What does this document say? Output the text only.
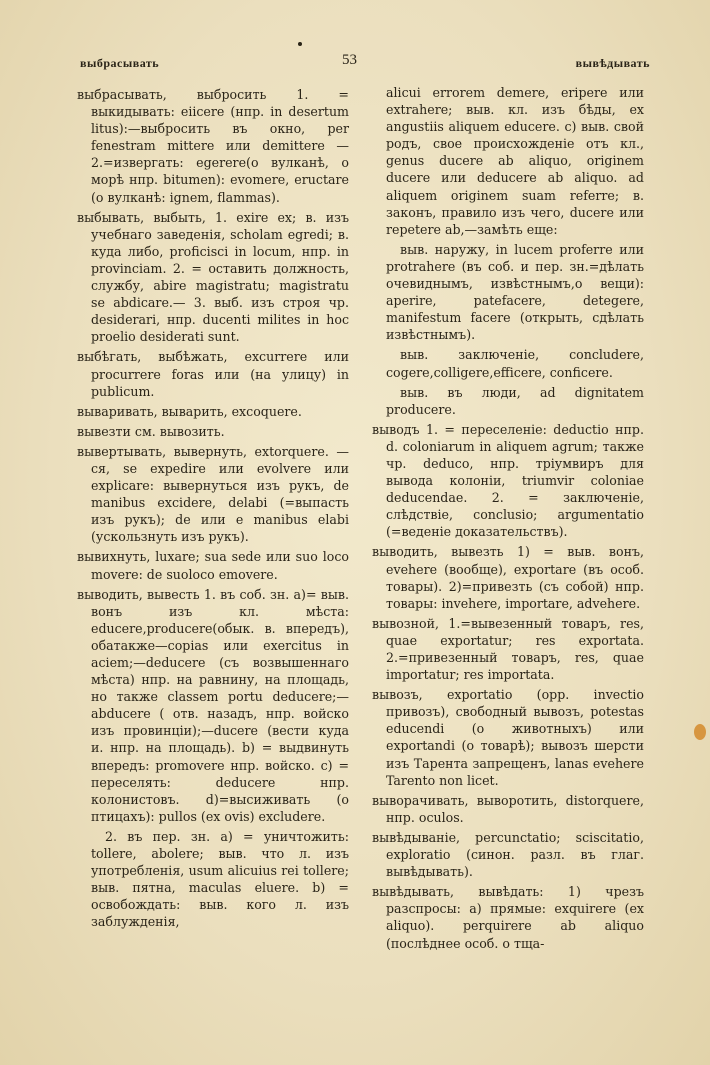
выбрасывать	53	вывѣдывать

выбрасывать, выбросить 1. = выкидывать: eiicere (нпр. in desertum litus):—выбросить въ окно, per fenestram mittere или demittere —2.=извергать: egerere(о вулканѣ, о морѣ нпр. bitumen): evomere, eructare (о вулканѣ: ignem, flammas).

выбывать, выбыть, 1. exire ex; в. изъ учебнаго заведенія, scholam egredi; в. куда либо, proficisci in locum, нпр. in provinciam. 2. = оставить должность, службу, abire magistratu; magistratu se abdicare.— 3. выб. изъ строя чр. desiderari, нпр. ducenti milites in hoc proelio desiderati sunt.

выбѣгать, выбѣжать, excurrere или procurrere foras или (на улицу) in publicum.

вываривать, выварить, excoquere.

вывезти см. вывозить.

вывертывать, вывернуть, extorquere. — ся, se expedire или evolvere или explicare: вывернуться изъ рукъ, de manibus excidere, delabi (=выпасть изъ рукъ); de или e manibus elabi (ускользнуть изъ рукъ).

вывихнуть, luxare; sua sede или suo loco movere: de suoloco emovere.

выводить, вывесть 1. въ соб. зн. a)= выв. вонъ изъ кл. мѣста: educere,producere(обык. в. впередъ), обатакже—copias или exercitus in aciem;—deducere (съ возвышеннаго мѣста) нпр. на равнину, на площадь, но также classem portu deducere;—abducere ( отв. назадъ, нпр. войско изъ провинціи);—ducere (вести куда и. нпр. на площадь). b) = выдвинуть впередъ: promovere нпр. войско. c) = переселять: deducere нпр. колонистовъ. d)=высиживать (о птицахъ): pullos (ex ovis) excludere.

2. въ пер. зн. a) = уничтожить: tollere, abolere; выв. что л. изъ употребленія, usum alicuius rei tollere; выв. пятна, maculas eluere. b) = освобождать: выв. кого л. изъ заблужденія,

alicui errorem demere, eripere или extrahere; выв. кл. изъ бѣды, ex angustiis aliquem educere. c) выв. свой родъ, свое происхожденіе отъ кл., genus ducere ab aliquo, originem ducere или deducere ab aliquo. ad aliquem originem suam referre; в. законъ, правило изъ чего, ducere или repetere ab,—замѣть еще:

выв. наружу, in lucem proferre или protrahere (въ соб. и пер. зн.=дѣлать очевиднымъ, извѣстнымъ,о вещи): aperire, patefacere, detegere, manifestum facere (открыть, сдѣлать извѣстнымъ).

выв. заключеніе, concludere, cogere,colligere,efficere, conficere.

выв. въ люди, ad dignitatem producere.

выводъ 1. = переселеніе: deductio нпр. d. coloniarum in aliquem agrum; также чр. deduco, нпр. тріумвиръ для вывода колоніи, triumvir coloniae deducendae. 2. = заключеніе, слѣдствіе, conclusio; argumentatio (=веденіе доказательствъ).

выводить, вывезть 1) = выв. вонъ, evehere (вообще), exportare (въ особ. товары). 2)=привезть (съ собой) нпр. товары: invehere, importare, advehere.

вывозной, 1.=вывезенный товаръ, res, quae exportatur; res exportata. 2.=привезенный товаръ, res, quae importatur; res importata.

вывозъ, exportatio (opp. invectio привозъ), свободный вывозъ, potestas educendi (о животныхъ) или exportandi (о товарѣ); вывозъ шерсти изъ Тарента запрещенъ, lanas evehere Tarento non licet.

выворачивать, выворотить, distorquere, нпр. oculos.

вывѣдываніе, percunctatio; sciscitatio, exploratio (синон. разл. въ глаг. вывѣдывать).

вывѣдывать, вывѣдать: 1) чрезъ разспросы: a) прямые: exquirere (ex aliquo). perquirere ab aliquo (послѣднее особ. о тща-
